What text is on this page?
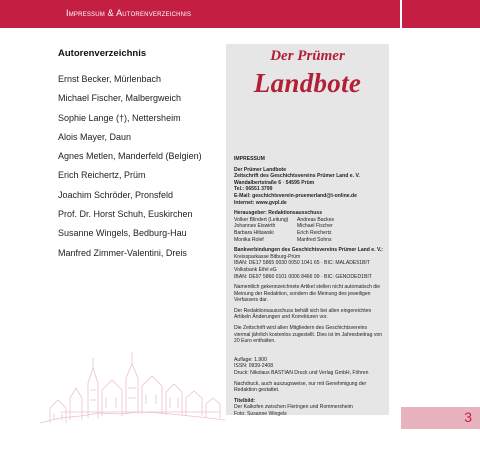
Impressum & Autorenverzeichnis
Autorenverzeichnis
Ernst Becker, Mürlenbach
Michael Fischer, Malbergweich
Sophie Lange (†), Nettersheim
Alois Mayer, Daun
Agnes Metlen, Manderfeld (Belgien)
Erich Reichertz, Prüm
Joachim Schröder, Pronsfeld
Prof. Dr. Horst Schuh, Euskirchen
Susanne Wingels, Bedburg-Hau
Manfred Zimmer-Valentini, Dreis
Der Prümer
Landbote

IMPRESSUM

Der Prümer Landbote
Zeitschrift des Geschichtsvereins Prümer Land e. V.
Wandalbertstraße 6 · 54595 Prüm
Tel.: 06551 3799
E-Mail: geschichtsverein-pruemerland@t-online.de
Internet: www.gvpl.de

Herausgeber: Redaktionsausschuss
Volker Blindert (Leitung)
Johannes Eiswirth
Barbara Hiltawski
Monika Rolef
Andreas Backes
Michael Fischer
Erich Reichertz
Manfred Sohns

Bankverbindungen des Geschichtsvereins Prümer Land e. V.:
Kreissparkasse Bitburg-Prüm
IBAN: DE17 5865 0030 0050 1041 65 · BIC: MALADE51BIT
Volksbank Eifel eG
IBAN: DE97 5866 0101 0006 8466 99 · BIC: GENODED1BIT

Namentlich gekennzeichnete Artikel stellen nicht automatisch die Meinung der Redaktion, sondern die Meinung des jeweiligen Verfassers dar.

Der Redaktionsausschuss behält sich bei allen eingereichten Artikeln Änderungen und Korrekturen vor.

Die Zeitschrift wird allen Mitgliedern des Geschichtsvereins viermal jährlich kostenlos zugestellt. Dies ist im Jahresbeitrag von 20 Euro enthalten.

Auflage: 1.900
ISSN: 0939-2408
Druck: Nikolaus BASTIAN Druck und Verlag GmbH, Föhren

Nachdruck, auch auszugsweise, nur mit Genehmigung der Redaktion gestattet.

Titelbild:
Der Kalkofen zwischen Fleringen und Rommersheim
Foto: Susanne Wingels	3
